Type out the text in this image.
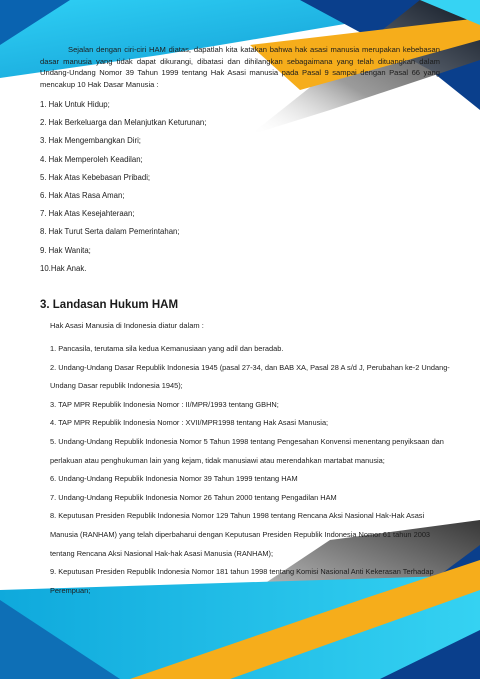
Sejalan dengan ciri-ciri HAM diatas, dapatlah kita katakan bahwa hak asasi manusia merupakan kebebasan dasar manusia yang tidak dapat dikurangi, dibatasi dan dihilangkan sebagaimana yang telah dituangkan dalam Undang-Undang Nomor 39 Tahun 1999 tentang Hak Asasi manusia pada Pasal 9 sampai dengan Pasal 66 yang mencakup 10 Hak Dasar Manusia :

1. Hak Untuk Hidup;
2. Hak Berkeluarga dan Melanjutkan Keturunan;
3. Hak Mengembangkan Diri;
4. Hak Memperoleh Keadilan;
5. Hak Atas Kebebasan Pribadi;
6. Hak Atas Rasa Aman;
7. Hak Atas Kesejahteraan;
8. Hak Turut Serta dalam Pemerintahan;
9. Hak Wanita;
10.Hak Anak.
3. Landasan Hukum HAM

Hak Asasi Manusia di Indonesia diatur dalam :

1. Pancasila, terutama sila kedua Kemanusiaan yang adil dan beradab.
2. Undang-Undang Dasar Republik Indonesia 1945 (pasal 27-34, dan BAB XA, Pasal 28 A s/d J, Perubahan ke-2 Undang-Undang Dasar republik Indonesia 1945);
3. TAP MPR Republik Indonesia Nomor : II/MPR/1993 tentang GBHN;
4. TAP MPR Republik Indonesia Nomor : XVII/MPR1998 tentang Hak Asasi Manusia;
5. Undang-Undang Republik Indonesia Nomor 5 Tahun 1998 tentang Pengesahan Konvensi menentang penyiksaan dan perlakuan atau penghukuman lain yang kejam, tidak manusiawi atau merendahkan martabat manusia;
6. Undang-Undang Republik Indonesia Nomor 39 Tahun 1999 tentang HAM
7. Undang-Undang Republik Indonesia Nomor 26 Tahun 2000 tentang Pengadilan HAM
8. Keputusan Presiden Republik Indonesia Nomor 129 Tahun 1998 tentang Rencana Aksi Nasional Hak-Hak Asasi Manusia (RANHAM) yang telah diperbaharui dengan Keputusan Presiden Republik Indonesia Nomor 61 tahun 2003 tentang Rencana Aksi Nasional Hak-hak Asasi Manusia (RANHAM);
9. Keputusan Presiden Republik Indonesia Nomor 181 tahun 1998 tentang Komisi Nasional Anti Kekerasan Terhadap Perempuan;
